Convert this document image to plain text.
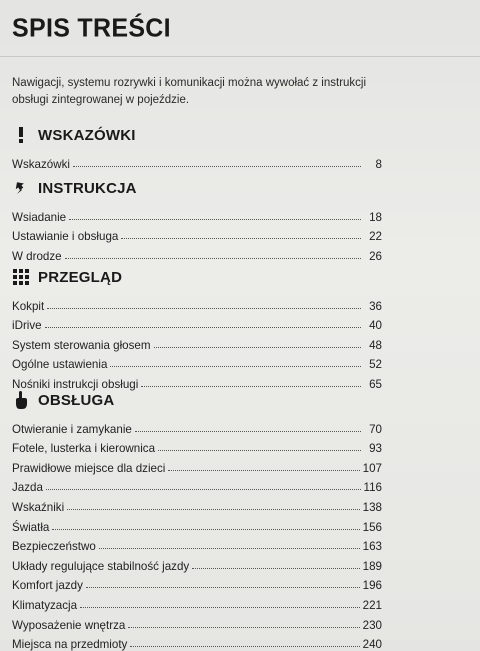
SPIS TREŚCI
Nawigacji, systemu rozrywki i komunikacji można wywołać z instrukcji obsługi zintegrowanej w pojeździe.
WSKAZÓWKI
Wskazówki	8
INSTRUKCJA
Wsiadanie	18
Ustawianie i obsługa	22
W drodze	26
PRZEGLĄD
Kokpit	36
iDrive	40
System sterowania głosem	48
Ogólne ustawienia	52
Nośniki instrukcji obsługi	65
OBSŁUGA
Otwieranie i zamykanie	70
Fotele, lusterka i kierownica	93
Prawidłowe miejsce dla dzieci	107
Jazda	116
Wskaźniki	138
Światła	156
Bezpieczeństwo	163
Układy regulujące stabilność jazdy	189
Komfort jazdy	196
Klimatyzacja	221
Wyposażenie wnętrza	230
Miejsca na przedmioty	240
